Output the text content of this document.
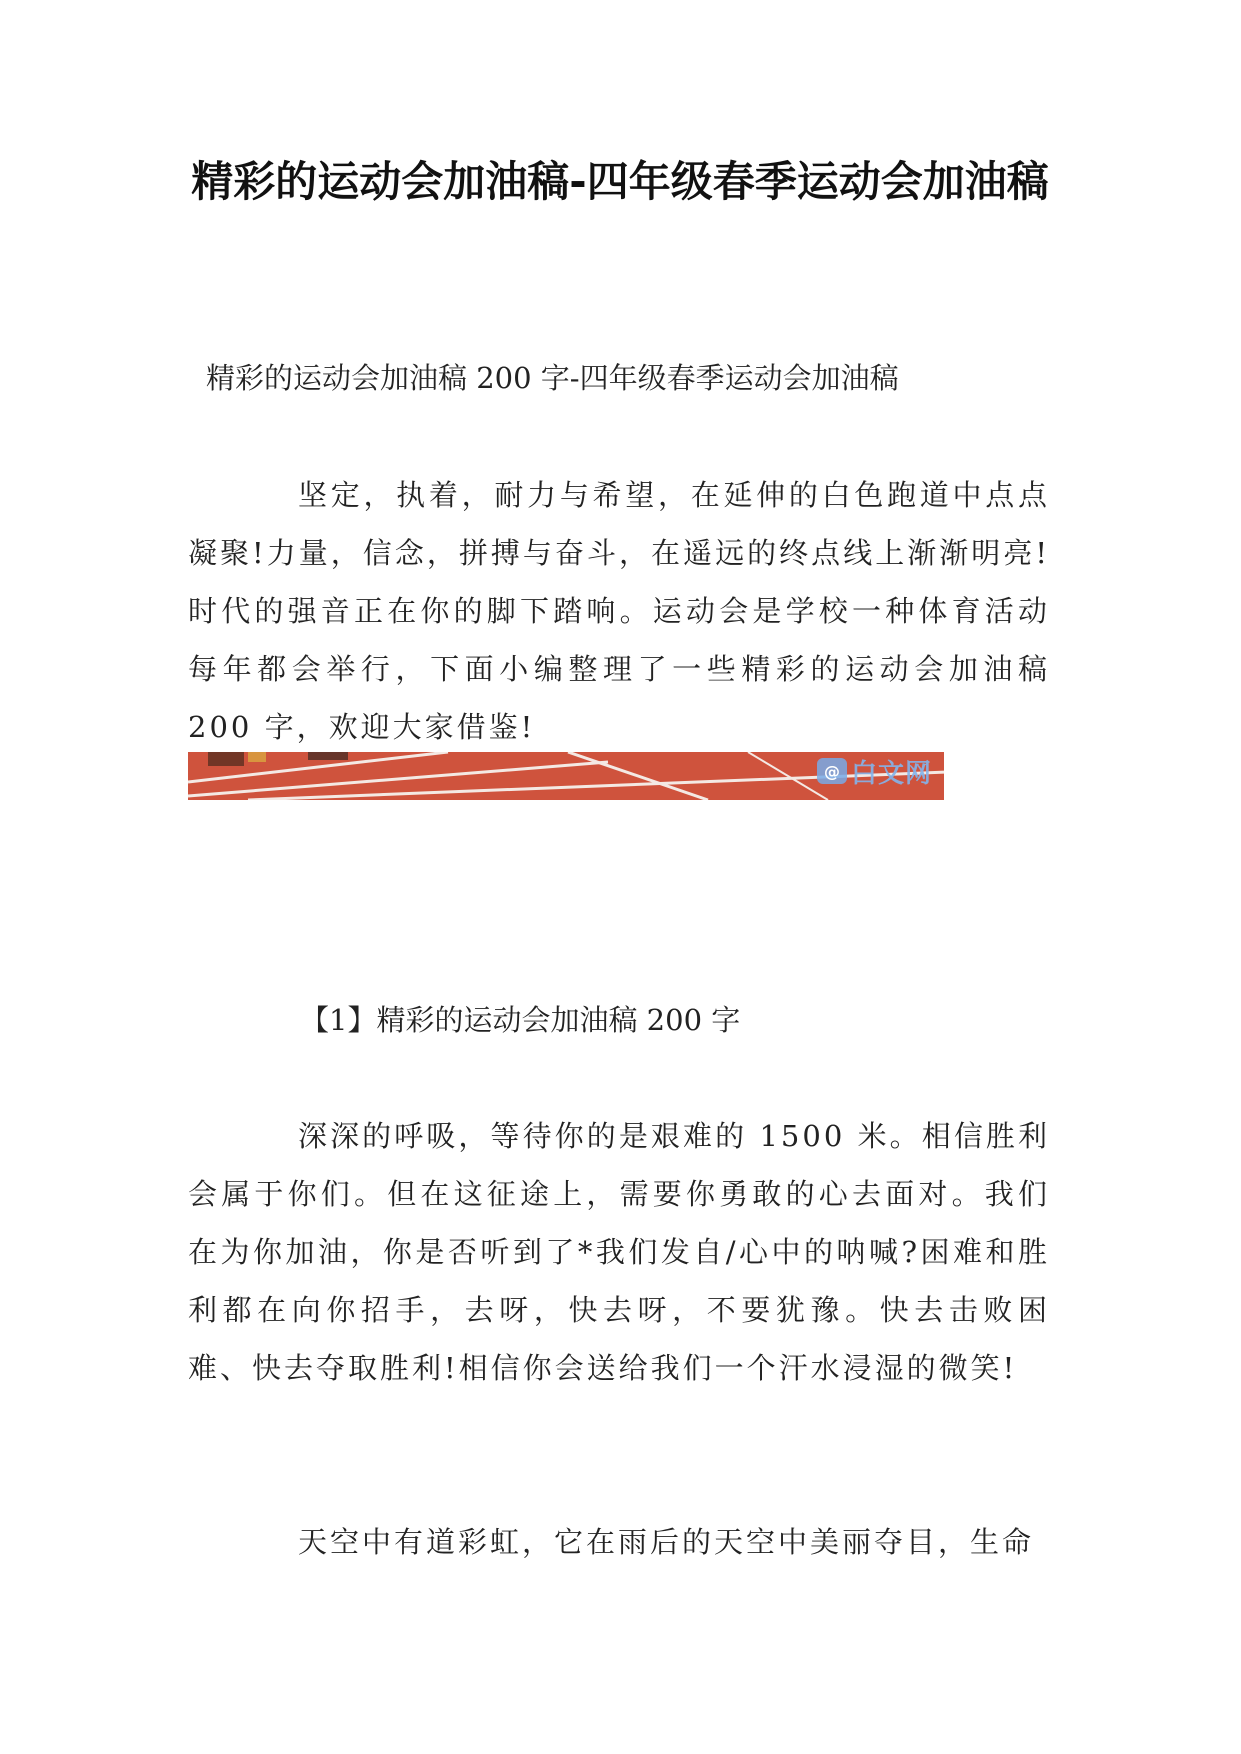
精彩的运动会加油稿-四年级春季运动会加油稿

精彩的运动会加油稿 200 字-四年级春季运动会加油稿

坚定，执着，耐力与希望，在延伸的白色跑道中点点凝聚!力量，信念，拼搏与奋斗，在遥远的终点线上渐渐明亮!时代的强音正在你的脚下踏响。运动会是学校一种体育活动每年都会举行，下面小编整理了一些精彩的运动会加油稿 200 字，欢迎大家借鉴!

@ 白文网

【1】精彩的运动会加油稿 200 字

深深的呼吸，等待你的是艰难的 1500 米。相信胜利会属于你们。但在这征途上，需要你勇敢的心去面对。我们在为你加油，你是否听到了*我们发自/心中的呐喊?困难和胜利都在向你招手，去呀，快去呀，不要犹豫。快去击败困难、快去夺取胜利!相信你会送给我们一个汗水浸湿的微笑!

天空中有道彩虹，它在雨后的天空中美丽夺目，生命
